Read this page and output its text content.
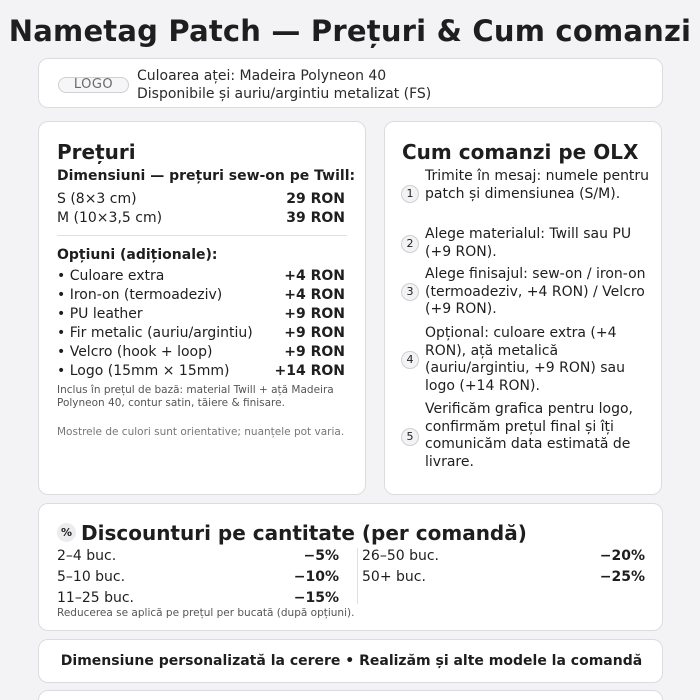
Nametag Patch — Prețuri & Cum comanzi
LOGO
Culoarea aței: Madeira Polyneon 40
Disponibile și auriu/argintiu metalizat (FS)
Prețuri
Dimensiuni — prețuri sew-on pe Twill:
S (8×3 cm)	29 RON
M (10×3,5 cm)	39 RON
Opțiuni (adiționale):
• Culoare extra	+4 RON
• Iron-on (termoadeziv)	+4 RON
• PU leather	+9 RON
• Fir metalic (auriu/argintiu) +9 RON
• Velcro (hook + loop)	+9 RON
• Logo (15mm × 15mm)	+14 RON
Inclus în prețul de bază: material Twill + ață Madeira Polyneon 40, contur satin, tăiere & finisare.
Mostrele de culori sunt orientative; nuanțele pot varia.
Cum comanzi pe OLX
1
Trimite în mesaj: numele pentru patch și dimensiunea (S/M).
2
Alege materialul: Twill sau PU (+9 RON).
3
Alege finisajul: sew-on / iron-on (termoadeziv, +4 RON) / Velcro (+9 RON).
4
Opțional: culoare extra (+4 RON), ață metalică (auriu/argintiu, +9 RON) sau logo (+14 RON).
5
Verificăm grafica pentru logo, confirmăm prețul final și îți comunicăm data estimată de livrare.
% Discounturi pe cantitate (per comandă)
2–4 buc.	−5%
5–10 buc.	−10%
11–25 buc.	−15%
26–50 buc.	−20%
50+ buc.	−25%
Reducerea se aplică pe prețul per bucată (după opțiuni).
Dimensiune personalizată la cerere • Realizăm și alte modele la comandă
